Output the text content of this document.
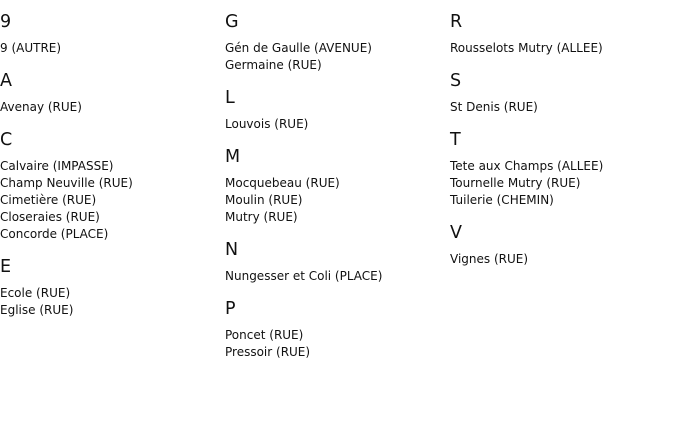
9
9 (AUTRE)
A
Avenay (RUE)
C
Calvaire (IMPASSE)
Champ Neuville (RUE)
Cimetière (RUE)
Closeraies (RUE)
Concorde (PLACE)
E
Ecole (RUE)
Eglise (RUE)
G
Gén de Gaulle (AVENUE)
Germaine (RUE)
L
Louvois (RUE)
M
Mocquebeau (RUE)
Moulin (RUE)
Mutry (RUE)
N
Nungesser et Coli (PLACE)
P
Poncet (RUE)
Pressoir (RUE)
R
Rousselots Mutry (ALLEE)
S
St Denis (RUE)
T
Tete aux Champs (ALLEE)
Tournelle Mutry (RUE)
Tuilerie (CHEMIN)
V
Vignes (RUE)
